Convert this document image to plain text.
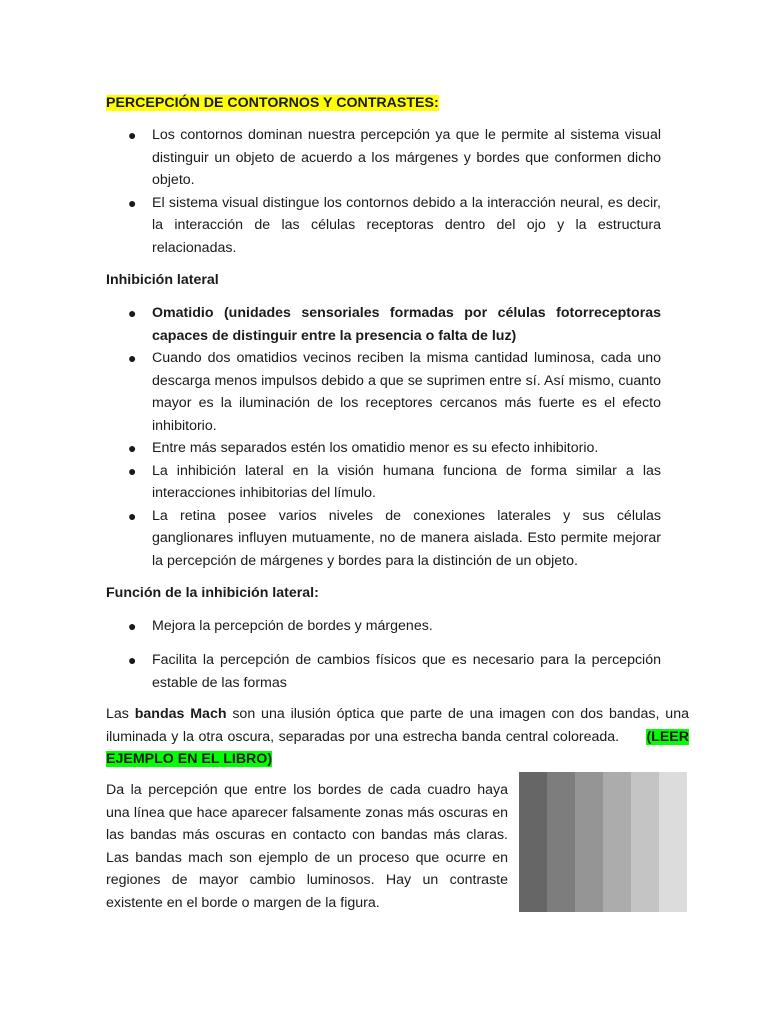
PERCEPCIÓN DE CONTORNOS Y CONTRASTES:
● Los contornos dominan nuestra percepción ya que le permite al sistema visual distinguir un objeto de acuerdo a los márgenes y bordes que conformen dicho objeto.
● El sistema visual distingue los contornos debido a la interacción neural, es decir, la interacción de las células receptoras dentro del ojo y la estructura relacionadas.
Inhibición lateral
● Omatidio (unidades sensoriales formadas por células fotorreceptoras capaces de distinguir entre la presencia o falta de luz)
● Cuando dos omatidios vecinos reciben la misma cantidad luminosa, cada uno descarga menos impulsos debido a que se suprimen entre sí. Así mismo, cuanto mayor es la iluminación de los receptores cercanos más fuerte es el efecto inhibitorio.
● Entre más separados estén los omatidio menor es su efecto inhibitorio.
● La inhibición lateral en la visión humana funciona de forma similar a las interacciones inhibitorias del límulo.
● La retina posee varios niveles de conexiones laterales y sus células ganglionares influyen mutuamente, no de manera aislada. Esto permite mejorar la percepción de márgenes y bordes para la distinción de un objeto.
Función de la inhibición lateral:
● Mejora la percepción de bordes y márgenes.
● Facilita la percepción de cambios físicos que es necesario para la percepción estable de las formas
Las bandas Mach son una ilusión óptica que parte de una imagen con dos bandas, una iluminada y la otra oscura, separadas por una estrecha banda central coloreada. (LEER EJEMPLO EN EL LIBRO)
Da la percepción que entre los bordes de cada cuadro haya una línea que hace aparecer falsamente zonas más oscuras en las bandas más oscuras en contacto con bandas más claras. Las bandas mach son ejemplo de un proceso que ocurre en regiones de mayor cambio luminosos. Hay un contraste existente en el borde o margen de la figura.
